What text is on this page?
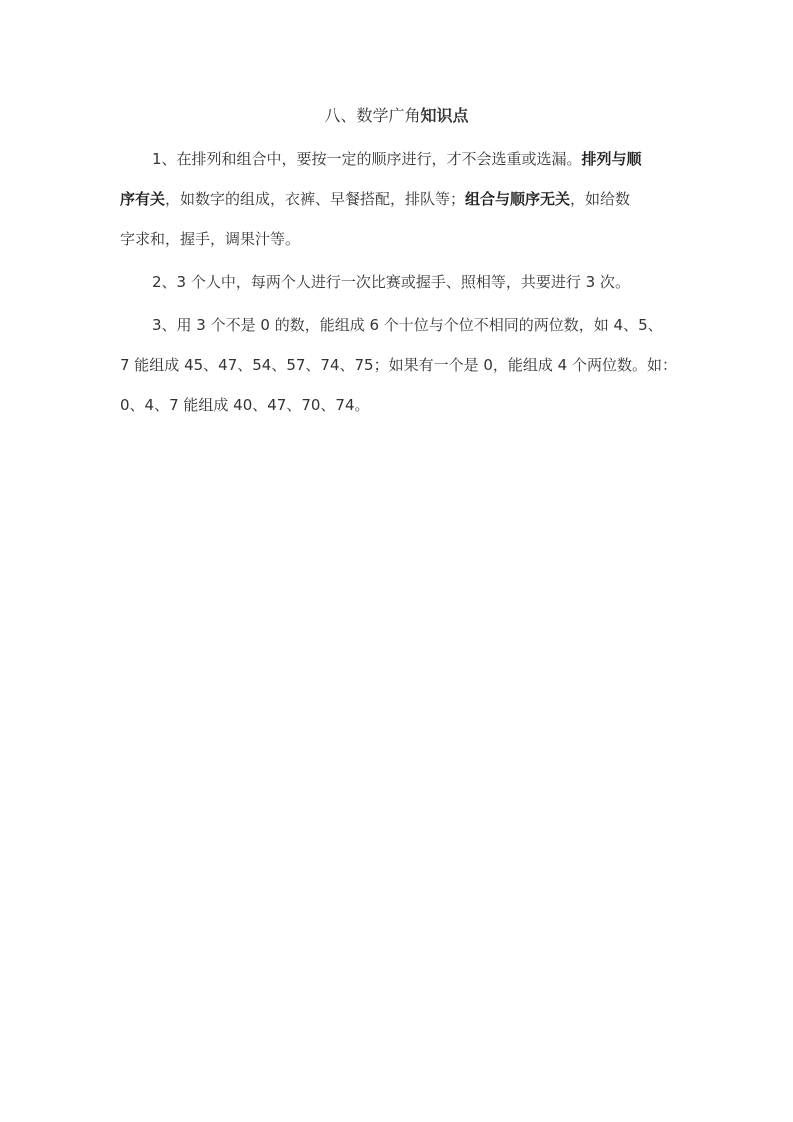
八、数学广角知识点
1、在排列和组合中，要按一定的顺序进行，才不会选重或选漏。排列与顺
序有关，如数字的组成，衣裤、早餐搭配，排队等；组合与顺序无关，如给数
字求和，握手，调果汁等。
2、3 个人中，每两个人进行一次比赛或握手、照相等，共要进行 3 次。
3、用 3 个不是 0 的数，能组成 6 个十位与个位不相同的两位数，如 4、5、
7 能组成 45、47、54、57、74、75；如果有一个是 0，能组成 4 个两位数。如：
0、4、7 能组成 40、47、70、74。
